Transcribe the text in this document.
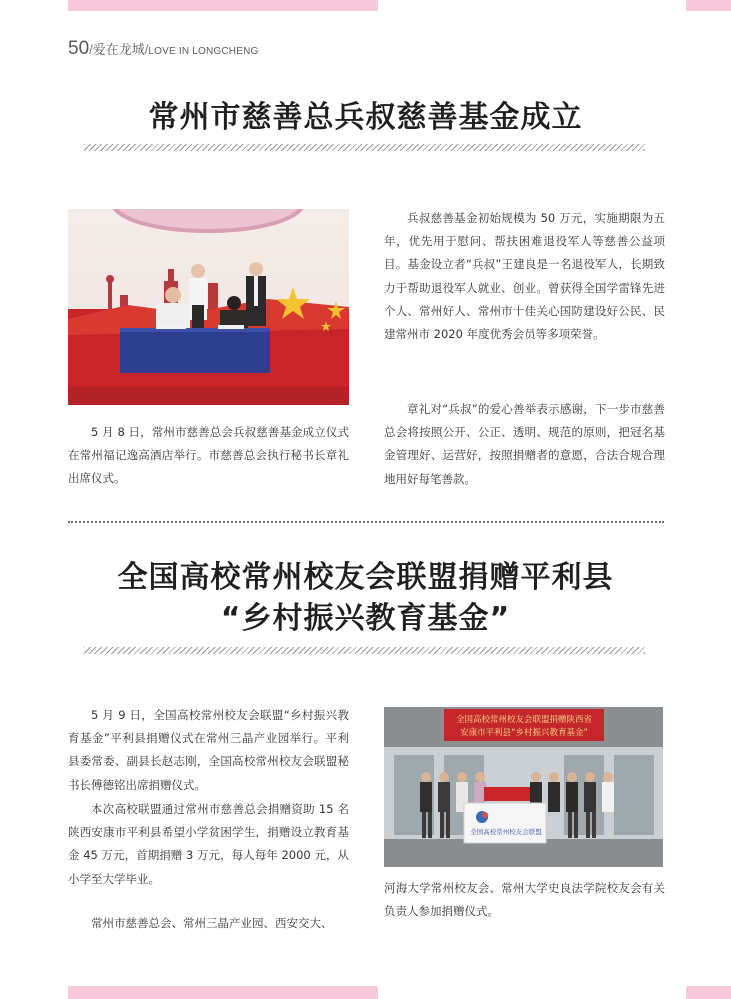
50/爱在龙城/LOVE IN LONGCHENG
常州市慈善总兵叔慈善基金成立

5 月 8 日，常州市慈善总会兵叔慈善基金成立仪式在常州福记逸高酒店举行。市慈善总会执行秘书长章礼出席仪式。

兵叔慈善基金初始规模为 50 万元，实施期限为五年，优先用于慰问、帮扶困难退役军人等慈善公益项目。基金设立者“兵叔”王建良是一名退役军人，长期致力于帮助退役军人就业、创业。曾获得全国学雷锋先进个人、常州好人、常州市十佳关心国防建设好公民、民建常州市 2020 年度优秀会员等多项荣誉。

章礼对“兵叔”的爱心善举表示感谢，下一步市慈善总会将按照公开、公正、透明、规范的原则，把冠名基金管理好、运营好，按照捐赠者的意愿，合法合规合理地用好每笔善款。

全国高校常州校友会联盟捐赠平利县
“乡村振兴教育基金”

5 月 9 日，全国高校常州校友会联盟“乡村振兴教育基金”平利县捐赠仪式在常州三晶产业园举行。平利县委常委、副县长赵志刚，全国高校常州校友会联盟秘书长傅德铭出席捐赠仪式。

本次高校联盟通过常州市慈善总会捐赠资助 15 名陕西安康市平利县希望小学贫困学生，捐赠设立教育基金 45 万元，首期捐赠 3 万元，每人每年 2000 元，从小学至大学毕业。

常州市慈善总会、常州三晶产业园、西安交大、

全国高校常州校友会联盟捐赠陕西省
安康市平利县“乡村振兴教育基金”
全国高校常州校友会联盟

河海大学常州校友会、常州大学史良法学院校友会有关负责人参加捐赠仪式。
